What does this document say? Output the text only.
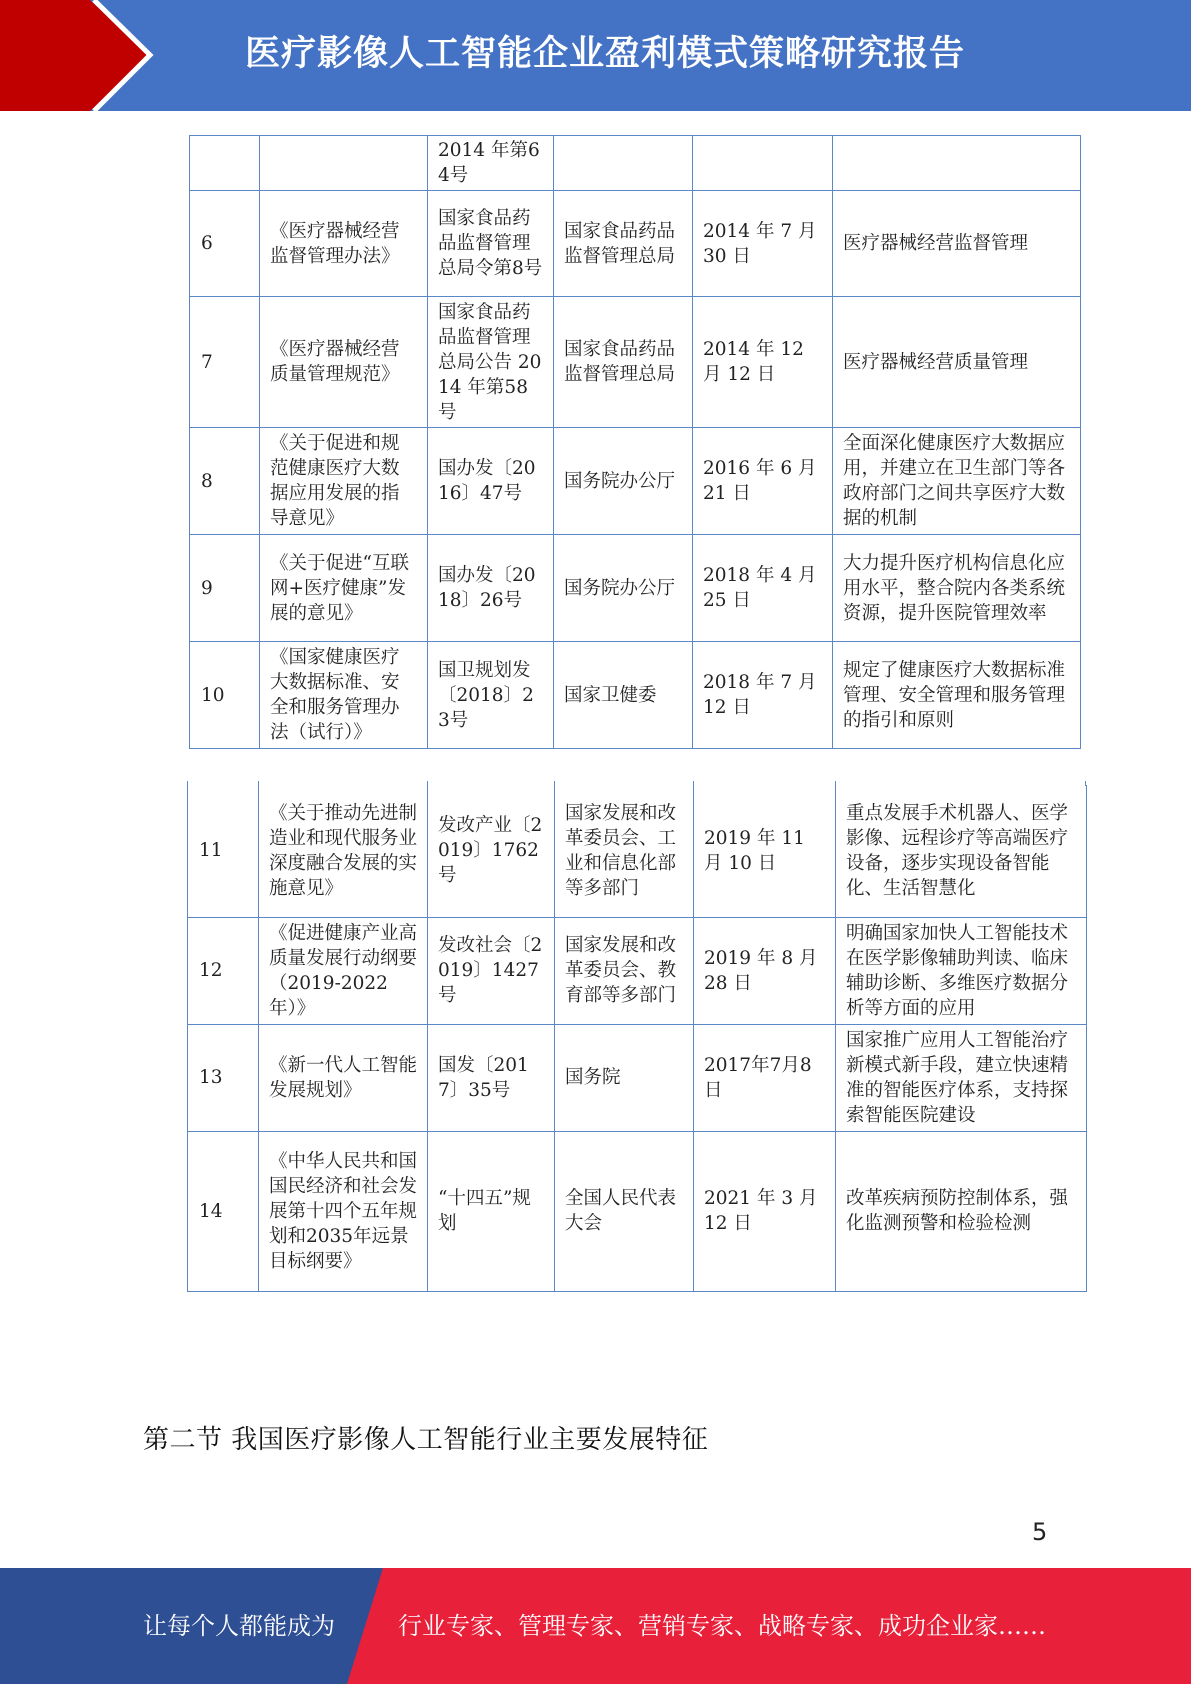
医疗影像人工智能企业盈利模式策略研究报告
		2014 年第64号			
6	《医疗器械经营监督管理办法》	国家食品药品监督管理总局令第8号	国家食品药品监督管理总局	2014 年 7 月 30 日	医疗器械经营监督管理
7	《医疗器械经营质量管理规范》	国家食品药品监督管理总局公告 2014 年第58号	国家食品药品监督管理总局	2014 年 12 月 12 日	医疗器械经营质量管理
8	《关于促进和规范健康医疗大数据应用发展的指导意见》	国办发〔2016〕47号	国务院办公厅	2016 年 6 月 21 日	全面深化健康医疗大数据应用，并建立在卫生部门等各政府部门之间共享医疗大数据的机制
9	《关于促进“互联网+医疗健康”发展的意见》	国办发〔2018〕26号	国务院办公厅	2018 年 4 月 25 日	大力提升医疗机构信息化应用水平，整合院内各类系统资源，提升医院管理效率
10	《国家健康医疗大数据标准、安全和服务管理办法（试行）》	国卫规划发〔2018〕23号	国家卫健委	2018 年 7 月 12 日	规定了健康医疗大数据标准管理、安全管理和服务管理的指引和原则
11	《关于推动先进制造业和现代服务业深度融合发展的实施意见》	发改产业〔2019〕1762号	国家发展和改革委员会、工业和信息化部等多部门	2019 年 11 月 10 日	重点发展手术机器人、医学影像、远程诊疗等高端医疗设备，逐步实现设备智能化、生活智慧化
12	《促进健康产业高质量发展行动纲要（2019-2022年）》	发改社会〔2019〕1427号	国家发展和改革委员会、教育部等多部门	2019 年 8 月 28 日	明确国家加快人工智能技术在医学影像辅助判读、临床辅助诊断、多维医疗数据分析等方面的应用
13	《新一代人工智能发展规划》	国发〔2017〕35号	国务院	2017年7月8日	国家推广应用人工智能治疗新模式新手段，建立快速精准的智能医疗体系，支持探索智能医院建设
14	《中华人民共和国国民经济和社会发展第十四个五年规划和2035年远景目标纲要》	“十四五”规划	全国人民代表大会	2021 年 3 月 12 日	改革疾病预防控制体系，强化监测预警和检验检测
第二节 我国医疗影像人工智能行业主要发展特征
5
让每个人都能成为	行业专家、管理专家、营销专家、战略专家、成功企业家……
